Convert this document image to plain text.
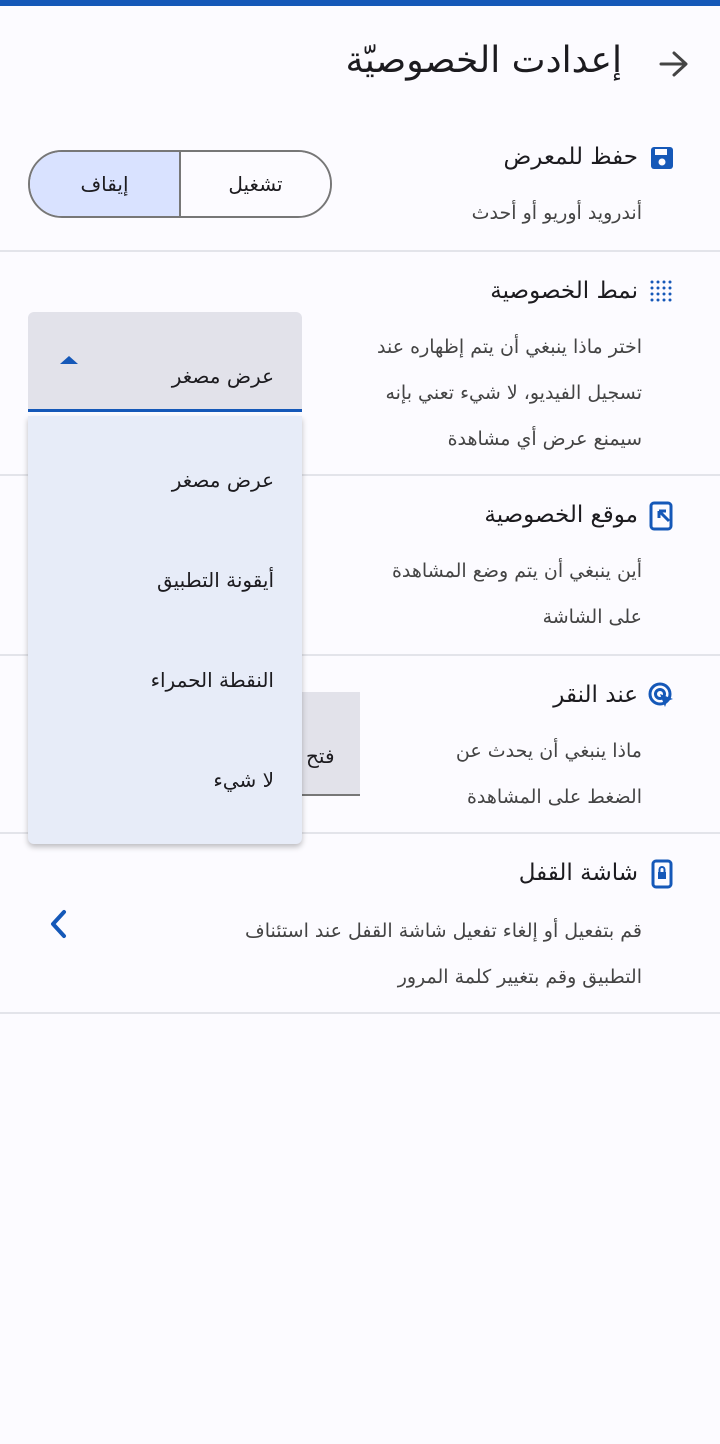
إعدادت الخصوصيّة
حفظ للمعرض
أندرويد أوريو أو أحدث
إيقاف	تشغيل
نمط الخصوصية
اختر ماذا ينبغي أن يتم إظهاره عند
تسجيل الفيديو، لا شيء تعني بإنه
سيمنع عرض أي مشاهدة
موقع الخصوصية
أين ينبغي أن يتم وضع المشاهدة
على الشاشة
عند النقر
ماذا ينبغي أن يحدث عن
الضغط على المشاهدة
فتح
شاشة القفل
قم بتفعيل أو إلغاء تفعيل شاشة القفل عند استئناف
التطبيق وقم بتغيير كلمة المرور
عرض مصغر
عرض مصغر
أيقونة التطبيق
النقطة الحمراء
لا شيء
